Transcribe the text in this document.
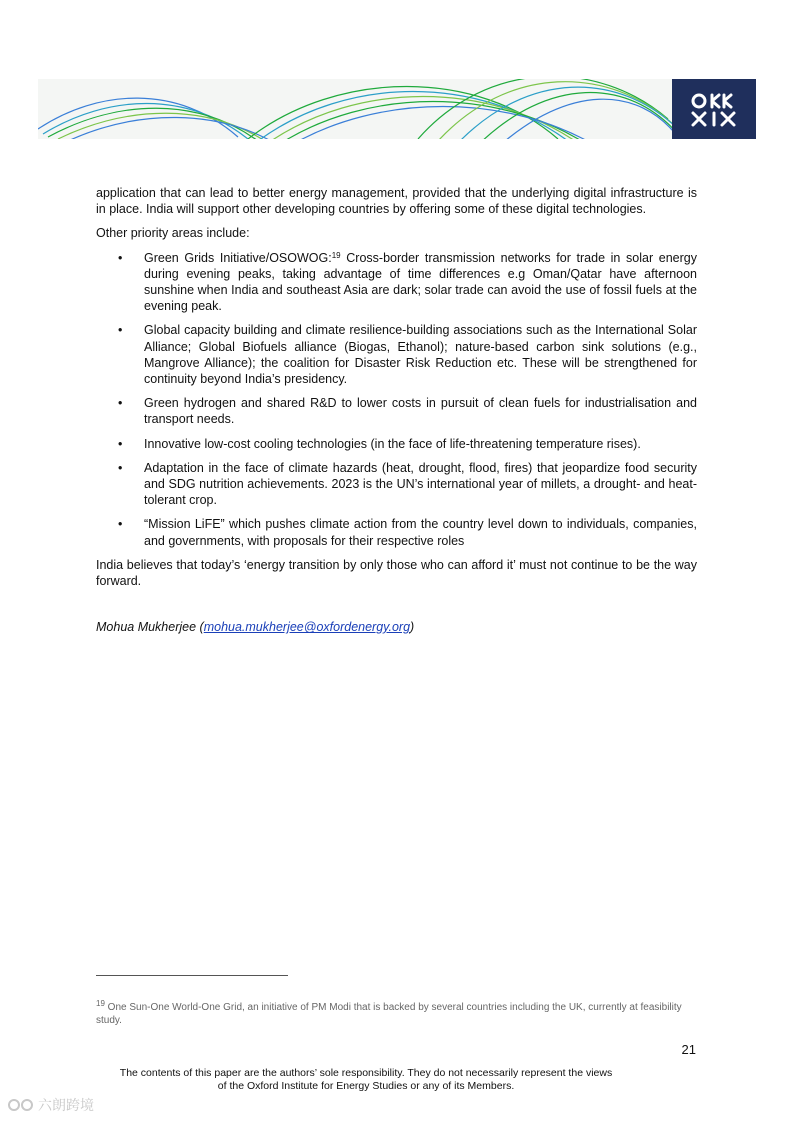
application that can lead to better energy management, provided that the underlying digital infrastructure is in place. India will support other developing countries by offering some of these digital technologies.

Other priority areas include:

• Green Grids Initiative/OSOWOG:$^{19}$ Cross-border transmission networks for trade in solar energy during evening peaks, taking advantage of time differences e.g Oman/Qatar have afternoon sunshine when India and southeast Asia are dark; solar trade can avoid the use of fossil fuels at the evening peak.
• Global capacity building and climate resilience-building associations such as the International Solar Alliance; Global Biofuels alliance (Biogas, Ethanol); nature-based carbon sink solutions (e.g., Mangrove Alliance); the coalition for Disaster Risk Reduction etc. These will be strengthened for continuity beyond India’s presidency.
• Green hydrogen and shared R&D to lower costs in pursuit of clean fuels for industrialisation and transport needs.
• Innovative low-cost cooling technologies (in the face of life-threatening temperature rises).
• Adaptation in the face of climate hazards (heat, drought, flood, fires) that jeopardize food security and SDG nutrition achievements. 2023 is the UN’s international year of millets, a drought- and heat-tolerant crop.
• “Mission LiFE” which pushes climate action from the country level down to individuals, companies, and governments, with proposals for their respective roles

India believes that today’s ‘energy transition by only those who can afford it’ must not continue to be the way forward.

Mohua Mukherjee (mohua.mukherjee@oxfordenergy.org)

$^{19}$ One Sun-One World-One Grid, an initiative of PM Modi that is backed by several countries including the UK, currently at feasibility study.
21
The contents of this paper are the authors’ sole responsibility. They do not necessarily represent the views
of the Oxford Institute for Energy Studies or any of its Members.
六朗跨境
